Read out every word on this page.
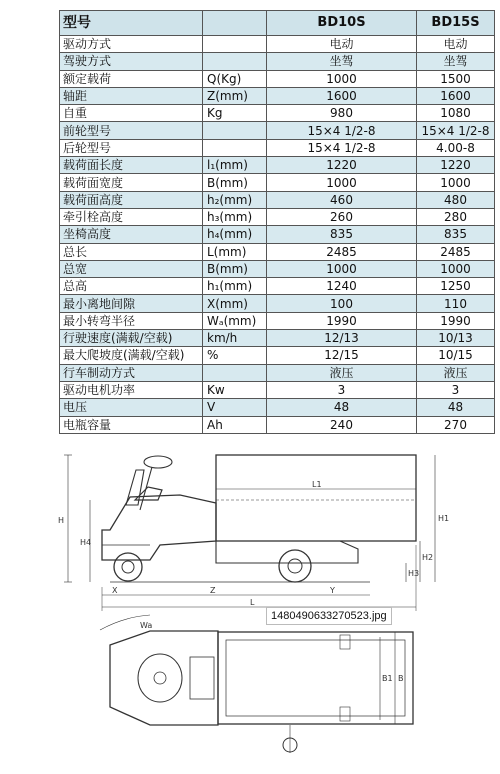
型号		BD10S	BD15S
驱动方式		电动	电动
驾驶方式		坐驾	坐驾
额定载荷	Q(Kg)	1000	1500
轴距	Z(mm)	1600	1600
自重	Kg	980	1080
前轮型号		15×4 1/2-8	15×4 1/2-8
后轮型号		15×4 1/2-8	4.00-8
载荷面长度	l₁(mm)	1220	1220
载荷面宽度	B(mm)	1000	1000
载荷面高度	h₂(mm)	460	480
牵引栓高度	h₃(mm)	260	280
坐椅高度	h₄(mm)	835	835
总长	L(mm)	2485	2485
总宽	B(mm)	1000	1000
总高	h₁(mm)	1240	1250
最小离地间隙	X(mm)	100	110
最小转弯半径	Wₐ(mm)	1990	1990
行驶速度(满载/空载)	km/h	12/13	10/13
最大爬坡度(满载/空载)	%	12/15	10/15
行车制动方式		液压	液压
驱动电机功率	Kw	3	3
电压	V	48	48
电瓶容量	Ah	240	270
L1
H
H4
H1
H2
H3
X	Z	Y
L
Wa
B1 B
1480490633270523.jpg
